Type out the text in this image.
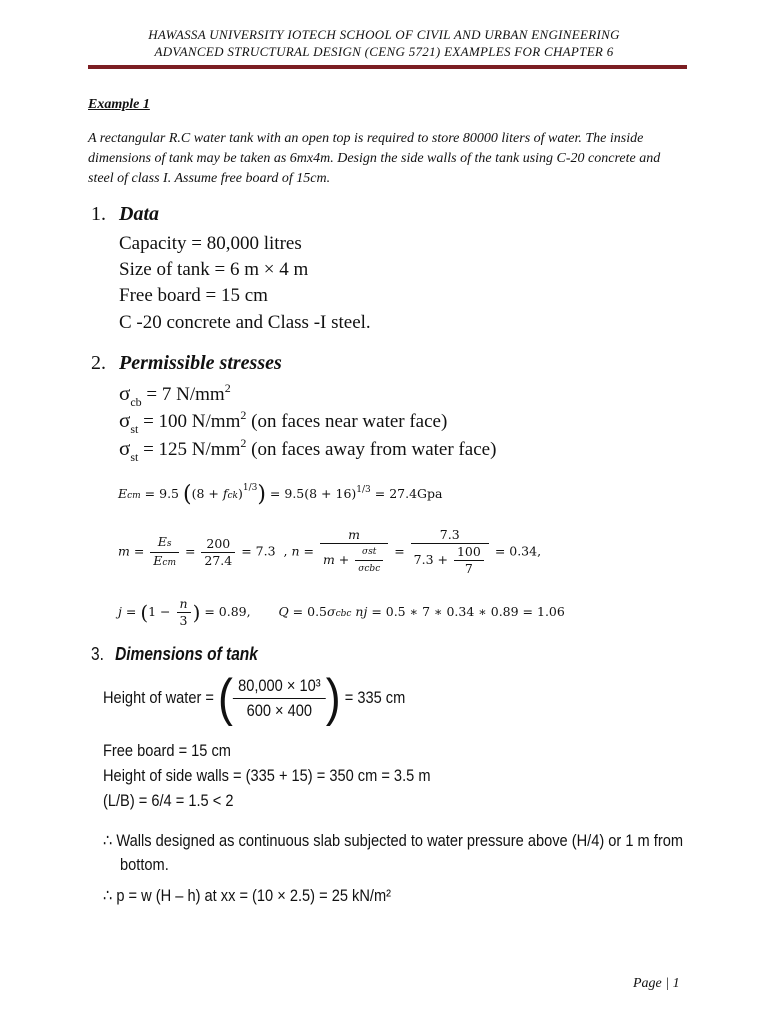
HAWASSA UNIVERSITY IOTECH SCHOOL OF CIVIL AND URBAN ENGINEERING
ADVANCED STRUCTURAL DESIGN (CENG 5721) EXAMPLES FOR CHAPTER 6
Example 1
A rectangular R.C water tank with an open top is required to store 80000 liters of water. The inside dimensions of tank may be taken as 6mx4m. Design the side walls of the tank using C-20 concrete and steel of class I. Assume free board of 15cm.
1. Data
Capacity = 80,000 litres
Size of tank = 6 m × 4 m
Free board = 15 cm
C -20 concrete and Class -I steel.
2. Permissible stresses
$\sigma_{cb} = 7$ $N/mm^2$
$\sigma_{st} = 100$ $N/mm^2$ (on faces near water face)
$\sigma_{st} = 125$ $N/mm^2$ (on faces away from water face)
Ecm = 9.5 $((8 + fck)^{1/3}) = 9.5(8 + 16)^{1/3} = 27.4Gpa$
$m = \frac{Es}{\text{Ecm}} = \frac{200}{27.4} = 7.3$  , $n = \frac{m}{m + \frac{\text{σst}}{\text{σcbc}}} = \frac{7.3}{7.3 + \frac{100}{7}} = 0.34$,
$j = (1 - \frac{n}{3}$ ) = 0.89, Q = 0.5σcbc nj = 0.5 ∗ 7 ∗ 0.34 ∗ 0.89 = 1.06
3. Dimensions of tank
Height of water = ( $\frac{\text{80,000 × 10³}}{600 \times 400}$ ) = 335 cm
Free board = 15 cm
Height of side walls = (335 + 15) = 350 cm = 3.5 m
(L/B) = 6/4 = 1.5 < 2
∴ Walls designed as continuous slab subjected to water pressure above (H/4) or 1 m from
bottom.
∴ p = w (H – h) at xx = (10 × 2.5) = 25 kN/m²
Page | 1
